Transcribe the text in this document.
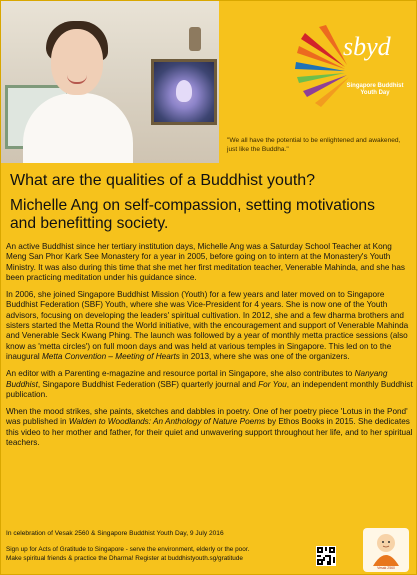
sbyd
Singapore Buddhist
Youth Day
"We all have the potential to be enlightened and awakened, just like the Buddha."
What are the qualities of a Buddhist youth?
Michelle Ang on self-compassion, setting motivations and benefitting society.

An active Buddhist since her tertiary institution days, Michelle Ang was a Saturday School Teacher at Kong Meng San Phor Kark See Monastery for a year in 2005, before going on to intern at the Monastery's Youth Ministry. It was also during this time that she met her first meditation teacher, Venerable Mahinda, and she has been practicing meditation under his guidance since.

In 2006, she joined Singapore Buddhist Mission (Youth) for a few years and later moved on to Singapore Buddhist Federation (SBF) Youth, where she was Vice-President for 4 years. She is now one of the Youth advisors, focusing on developing the leaders' spiritual cultivation. In 2012, she and a few dharma brothers and sisters started the Metta Round the World initiative, with the encouragement and support of Venerable Mahinda and Venerable Seck Kwang Phing. The launch was followed by a year of monthly metta practice sessions (also know as 'metta circles') on full moon days and was held at various temples in Singapore. This led on to the inaugural Metta Convention – Meeting of Hearts in 2013, where she was one of the organizers.

An editor with a Parenting e-magazine and resource portal in Singapore, she also contributes to Nanyang Buddhist, Singapore Buddhist Federation (SBF) quarterly journal and For You, an independent monthly Buddhist publication.

When the mood strikes, she paints, sketches and dabbles in poetry. One of her poetry piece 'Lotus in the Pond' was published in Walden to Woodlands: An Anthology of Nature Poems by Ethos Books in 2015. She dedicates this video to her mother and father, for their quiet and unwavering support throughout her life, and to her spiritual teachers.

In celebration of Vesak 2560 & Singapore Buddhist Youth Day, 9 July 2016
Sign up for Acts of Gratitude to Singapore - serve the environment, elderly or the poor.
Make spiritual friends & practice the Dharma! Register at buddhistyouth.sg/gratitude
Vesak 2560
